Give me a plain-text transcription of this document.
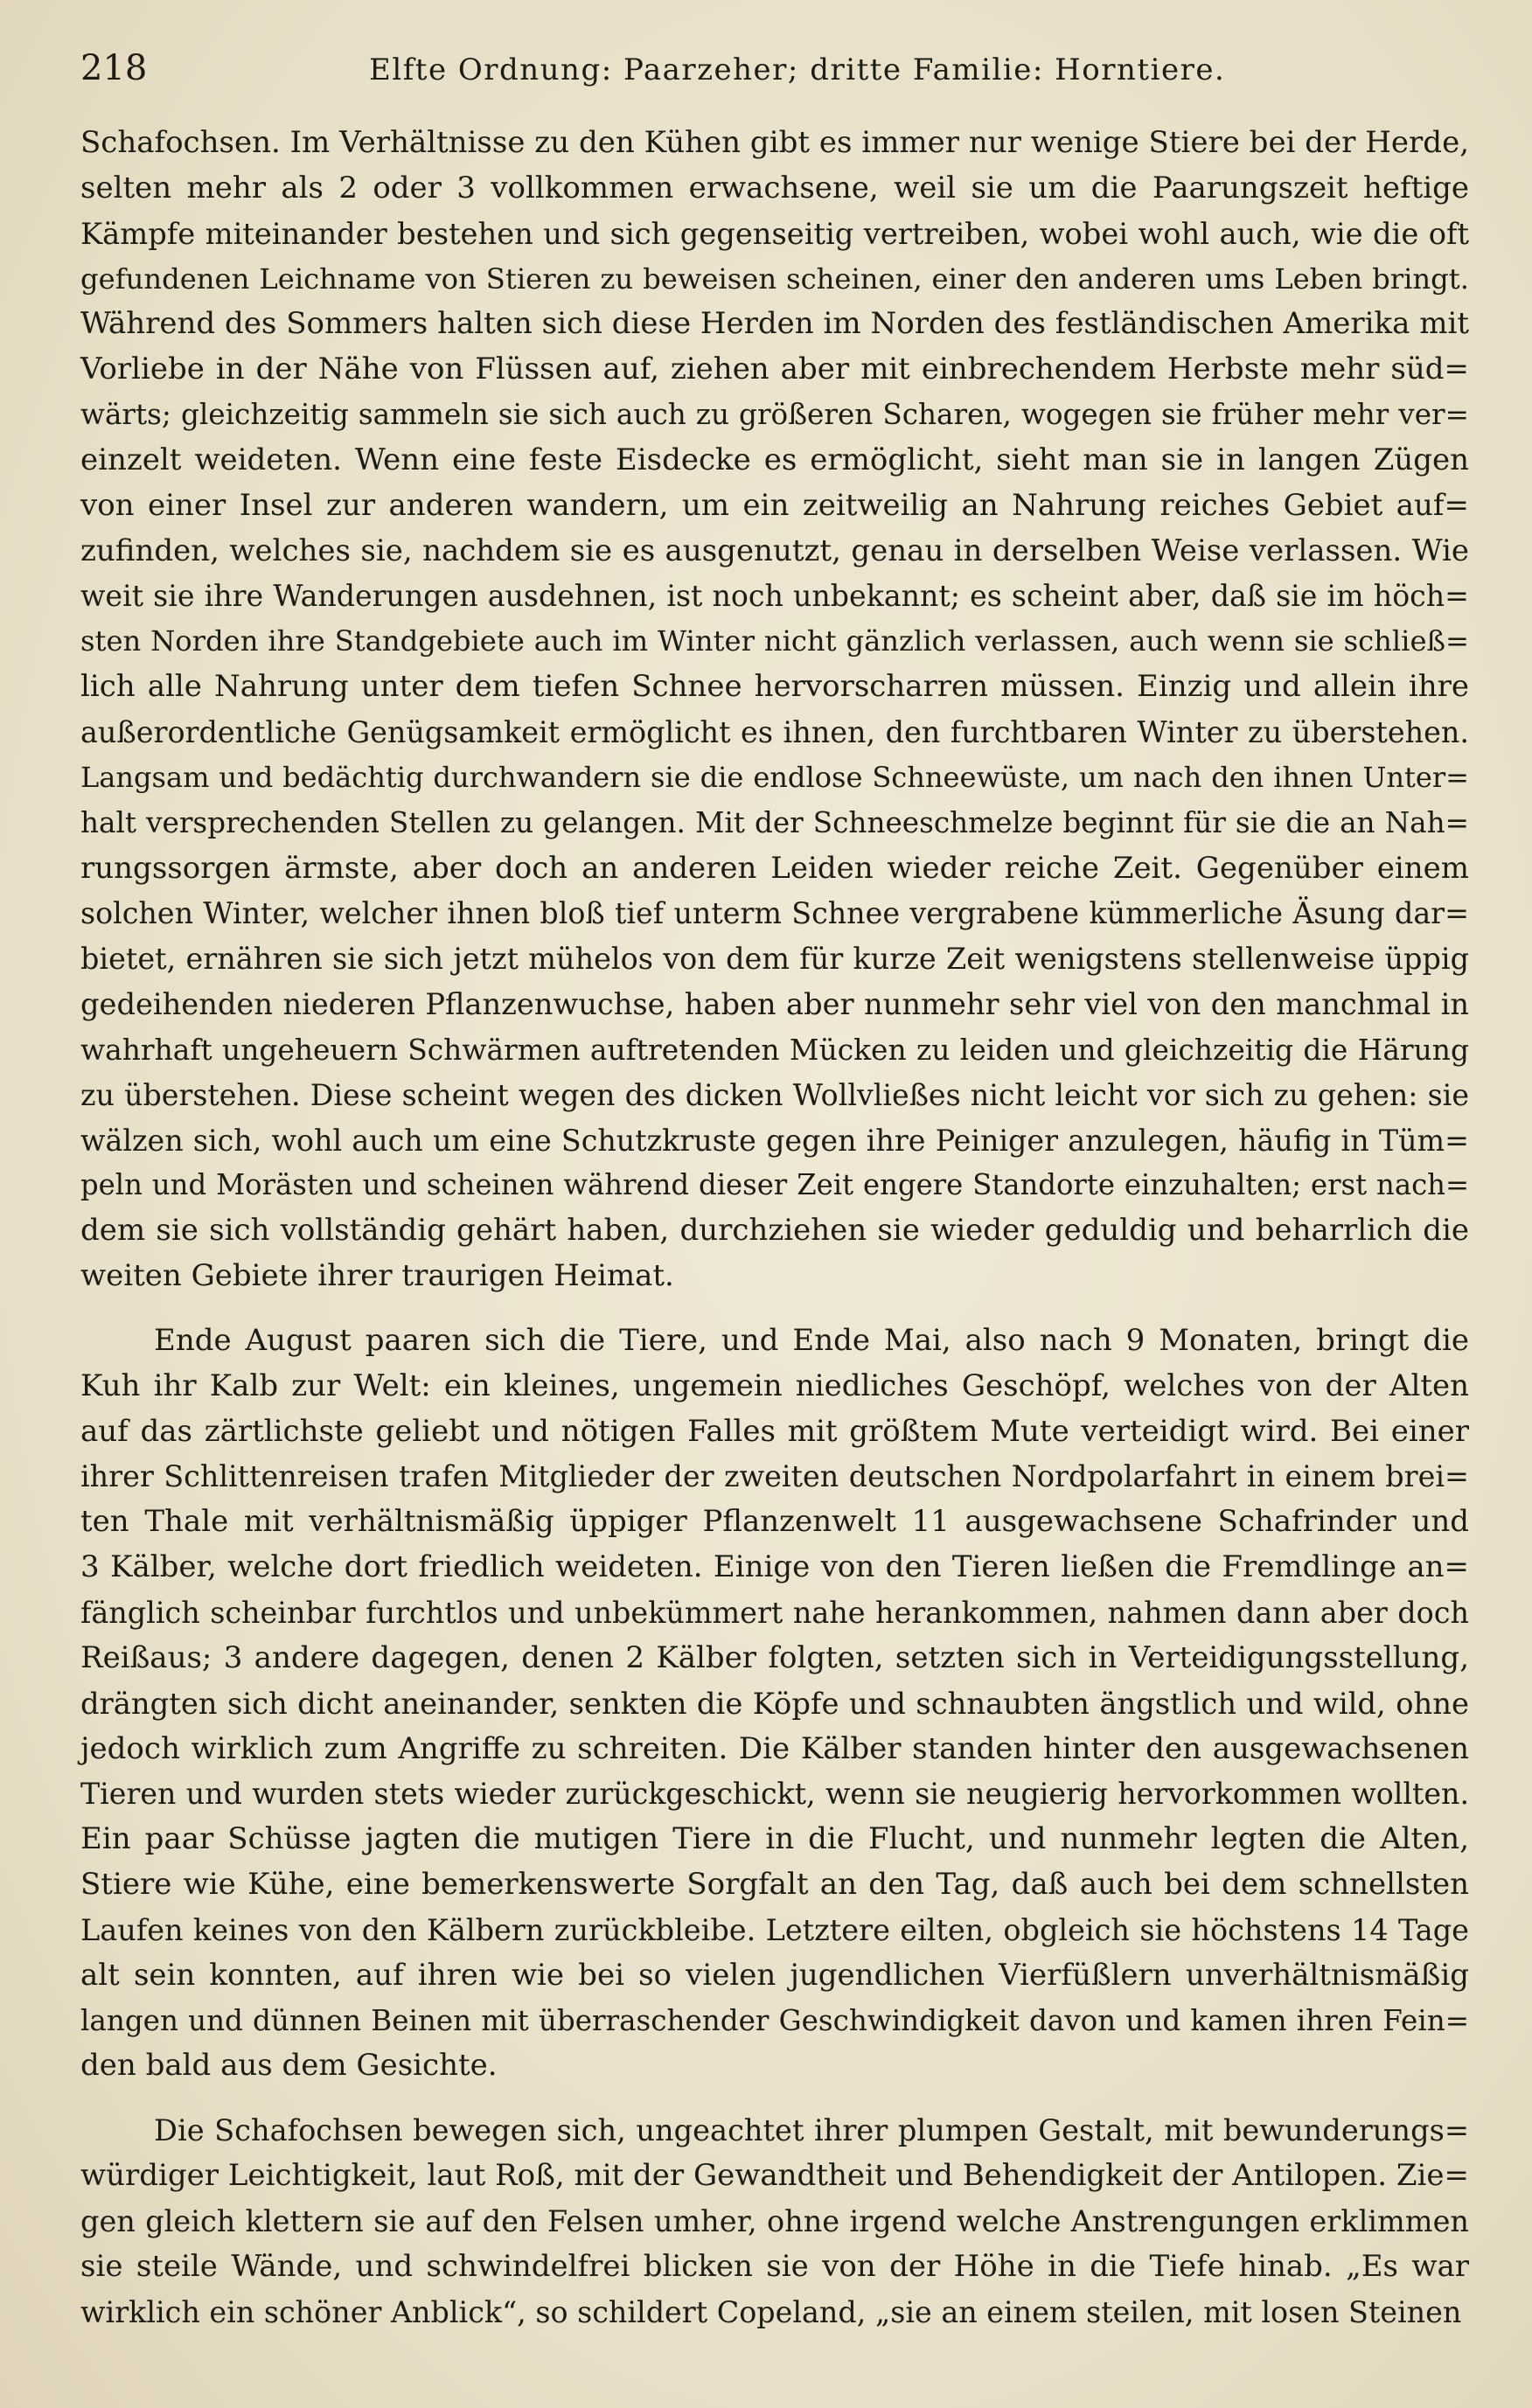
218	Elfte Ordnung: Paarzeher; dritte Familie: Horntiere.
Schafochsen. Im Verhältnisse zu den Kühen gibt es immer nur wenige Stiere bei der Herde,
selten mehr als 2 oder 3 vollkommen erwachsene, weil sie um die Paarungszeit heftige
Kämpfe miteinander bestehen und sich gegenseitig vertreiben, wobei wohl auch, wie die oft
gefundenen Leichname von Stieren zu beweisen scheinen, einer den anderen ums Leben bringt.
Während des Sommers halten sich diese Herden im Norden des festländischen Amerika mit
Vorliebe in der Nähe von Flüssen auf, ziehen aber mit einbrechendem Herbste mehr süd=
wärts; gleichzeitig sammeln sie sich auch zu größeren Scharen, wogegen sie früher mehr ver=
einzelt weideten. Wenn eine feste Eisdecke es ermöglicht, sieht man sie in langen Zügen
von einer Insel zur anderen wandern, um ein zeitweilig an Nahrung reiches Gebiet auf=
zufinden, welches sie, nachdem sie es ausgenutzt, genau in derselben Weise verlassen. Wie
weit sie ihre Wanderungen ausdehnen, ist noch unbekannt; es scheint aber, daß sie im höch=
sten Norden ihre Standgebiete auch im Winter nicht gänzlich verlassen, auch wenn sie schließ=
lich alle Nahrung unter dem tiefen Schnee hervorscharren müssen. Einzig und allein ihre
außerordentliche Genügsamkeit ermöglicht es ihnen, den furchtbaren Winter zu überstehen.
Langsam und bedächtig durchwandern sie die endlose Schneewüste, um nach den ihnen Unter=
halt versprechenden Stellen zu gelangen. Mit der Schneeschmelze beginnt für sie die an Nah=
rungssorgen ärmste, aber doch an anderen Leiden wieder reiche Zeit. Gegenüber einem
solchen Winter, welcher ihnen bloß tief unterm Schnee vergrabene kümmerliche Äsung dar=
bietet, ernähren sie sich jetzt mühelos von dem für kurze Zeit wenigstens stellenweise üppig
gedeihenden niederen Pflanzenwuchse, haben aber nunmehr sehr viel von den manchmal in
wahrhaft ungeheuern Schwärmen auftretenden Mücken zu leiden und gleichzeitig die Härung
zu überstehen. Diese scheint wegen des dicken Wollvließes nicht leicht vor sich zu gehen: sie
wälzen sich, wohl auch um eine Schutzkruste gegen ihre Peiniger anzulegen, häufig in Tüm=
peln und Morästen und scheinen während dieser Zeit engere Standorte einzuhalten; erst nach=
dem sie sich vollständig gehärt haben, durchziehen sie wieder geduldig und beharrlich die
weiten Gebiete ihrer traurigen Heimat.
Ende August paaren sich die Tiere, und Ende Mai, also nach 9 Monaten, bringt die
Kuh ihr Kalb zur Welt: ein kleines, ungemein niedliches Geschöpf, welches von der Alten
auf das zärtlichste geliebt und nötigen Falles mit größtem Mute verteidigt wird. Bei einer
ihrer Schlittenreisen trafen Mitglieder der zweiten deutschen Nordpolarfahrt in einem brei=
ten Thale mit verhältnismäßig üppiger Pflanzenwelt 11 ausgewachsene Schafrinder und
3 Kälber, welche dort friedlich weideten. Einige von den Tieren ließen die Fremdlinge an=
fänglich scheinbar furchtlos und unbekümmert nahe herankommen, nahmen dann aber doch
Reißaus; 3 andere dagegen, denen 2 Kälber folgten, setzten sich in Verteidigungsstellung,
drängten sich dicht aneinander, senkten die Köpfe und schnaubten ängstlich und wild, ohne
jedoch wirklich zum Angriffe zu schreiten. Die Kälber standen hinter den ausgewachsenen
Tieren und wurden stets wieder zurückgeschickt, wenn sie neugierig hervorkommen wollten.
Ein paar Schüsse jagten die mutigen Tiere in die Flucht, und nunmehr legten die Alten,
Stiere wie Kühe, eine bemerkenswerte Sorgfalt an den Tag, daß auch bei dem schnellsten
Laufen keines von den Kälbern zurückbleibe. Letztere eilten, obgleich sie höchstens 14 Tage
alt sein konnten, auf ihren wie bei so vielen jugendlichen Vierfüßlern unverhältnismäßig
langen und dünnen Beinen mit überraschender Geschwindigkeit davon und kamen ihren Fein=
den bald aus dem Gesichte.
Die Schafochsen bewegen sich, ungeachtet ihrer plumpen Gestalt, mit bewunderungs=
würdiger Leichtigkeit, laut Roß, mit der Gewandtheit und Behendigkeit der Antilopen. Zie=
gen gleich klettern sie auf den Felsen umher, ohne irgend welche Anstrengungen erklimmen
sie steile Wände, und schwindelfrei blicken sie von der Höhe in die Tiefe hinab. „Es war
wirklich ein schöner Anblick“, so schildert Copeland, „sie an einem steilen, mit losen Steinen
